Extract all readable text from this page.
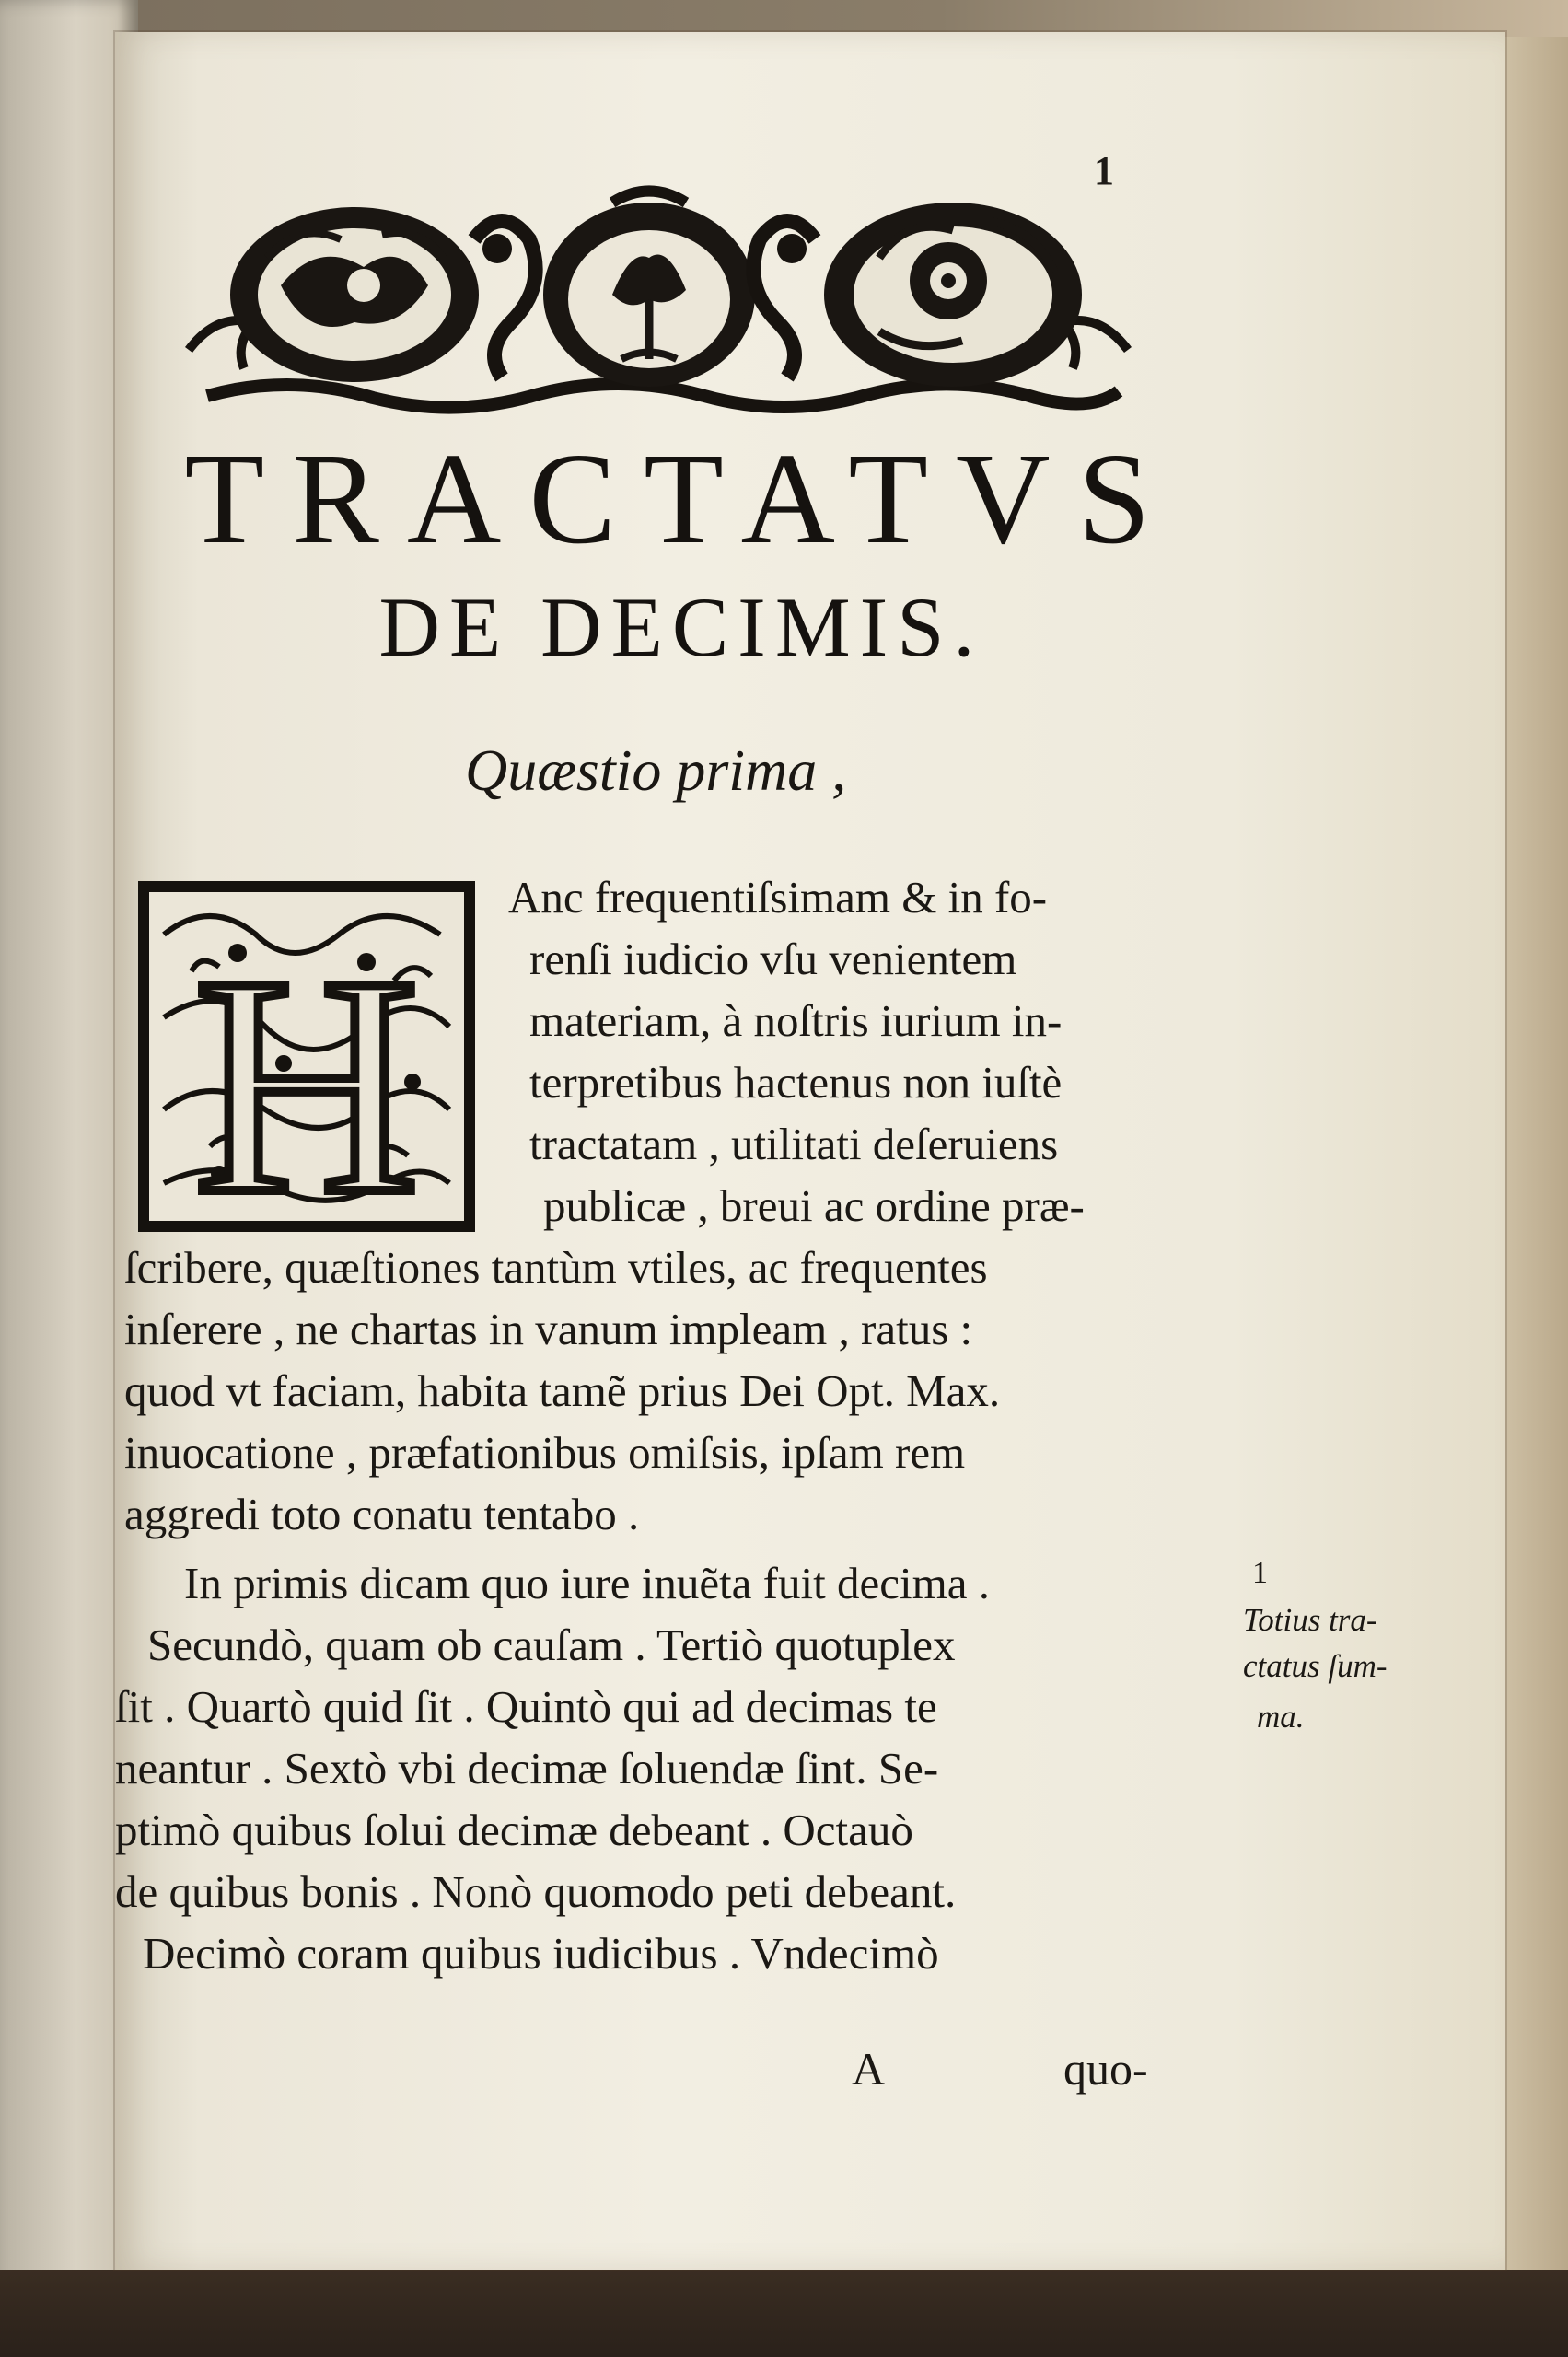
1
TRACTATVS
DE DECIMIS.
Quæstio prima ,
H
Anc frequentiſsimam & in fo-
renſi iudicio vſu venientem
materiam, à noſtris iurium in-
terpretibus hactenus non iuſtè
tractatam , utilitati deſeruiens
publicæ , breui ac ordine præ-
ſcribere, quæſtiones tantùm vtiles, ac frequentes
inſerere , ne chartas in vanum impleam , ratus :
quod vt faciam, habita tamẽ prius Dei Opt. Max.
inuocatione , præfationibus omiſsis, ipſam rem
aggredi toto conatu tentabo .
In primis dicam quo iure inuẽta fuit decima .
Secundò, quam ob cauſam . Tertiò quotuplex
ſit . Quartò quid ſit . Quintò qui ad decimas te
neantur . Sextò vbi decimæ ſoluendæ ſint. Se-
ptimò quibus ſolui decimæ debeant . Octauò
de quibus bonis . Nonò quomodo peti debeant.
Decimò coram quibus iudicibus . Vndecimò
A	quo-
1
Totius tra-
ctatus ſum-
ma.
